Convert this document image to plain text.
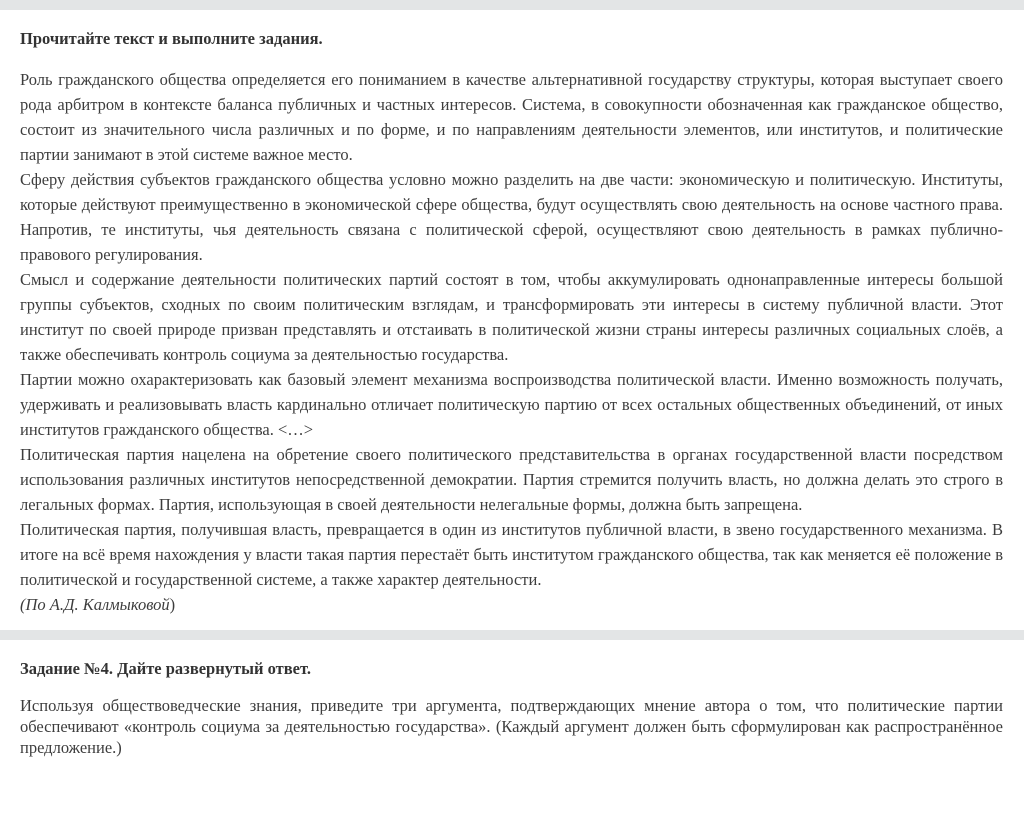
Прочитайте текст и выполните задания.

Роль гражданского общества определяется его пониманием в качестве альтернативной государству структуры, которая выступает своего рода арбитром в контексте баланса публичных и частных интересов. Система, в совокупности обозначенная как гражданское общество, состоит из значительного числа различных и по форме, и по направлениям деятельности элементов, или институтов, и политические партии занимают в этой системе важное место.

Сферу действия субъектов гражданского общества условно можно разделить на две части: экономическую и политическую. Институты, которые действуют преимущественно в экономической сфере общества, будут осуществлять свою деятельность на основе частного права. Напротив, те институты, чья деятельность связана с политической сферой, осуществляют свою деятельность в рамках публично-правового регулирования.

Смысл и содержание деятельности политических партий состоят в том, чтобы аккумулировать однонаправленные интересы большой группы субъектов, сходных по своим политическим взглядам, и трансформировать эти интересы в систему публичной власти. Этот институт по своей природе призван представлять и отстаивать в политической жизни страны интересы различных социальных слоёв, а также обеспечивать контроль социума за деятельностью государства.

Партии можно охарактеризовать как базовый элемент механизма воспроизводства политической власти. Именно возможность получать, удерживать и реализовывать власть кардинально отличает политическую партию от всех остальных общественных объединений, от иных институтов гражданского общества. <…>

Политическая партия нацелена на обретение своего политического представительства в органах государственной власти посредством использования различных институтов непосредственной демократии. Партия стремится получить власть, но должна делать это строго в легальных формах. Партия, использующая в своей деятельности нелегальные формы, должна быть запрещена.

Политическая партия, получившая власть, превращается в один из институтов публичной власти, в звено государственного механизма. В итоге на всё время нахождения у власти такая партия перестаёт быть институтом гражданского общества, так как меняется её положение в политической и государственной системе, а также характер деятельности.

(По А.Д. Калмыковой)

Задание №4. Дайте развернутый ответ.

Используя обществоведческие знания, приведите три аргумента, подтверждающих мнение автора о том, что политические партии обеспечивают «контроль социума за деятельностью государства». (Каждый аргумент должен быть сформулирован как распространённое предложение.)
